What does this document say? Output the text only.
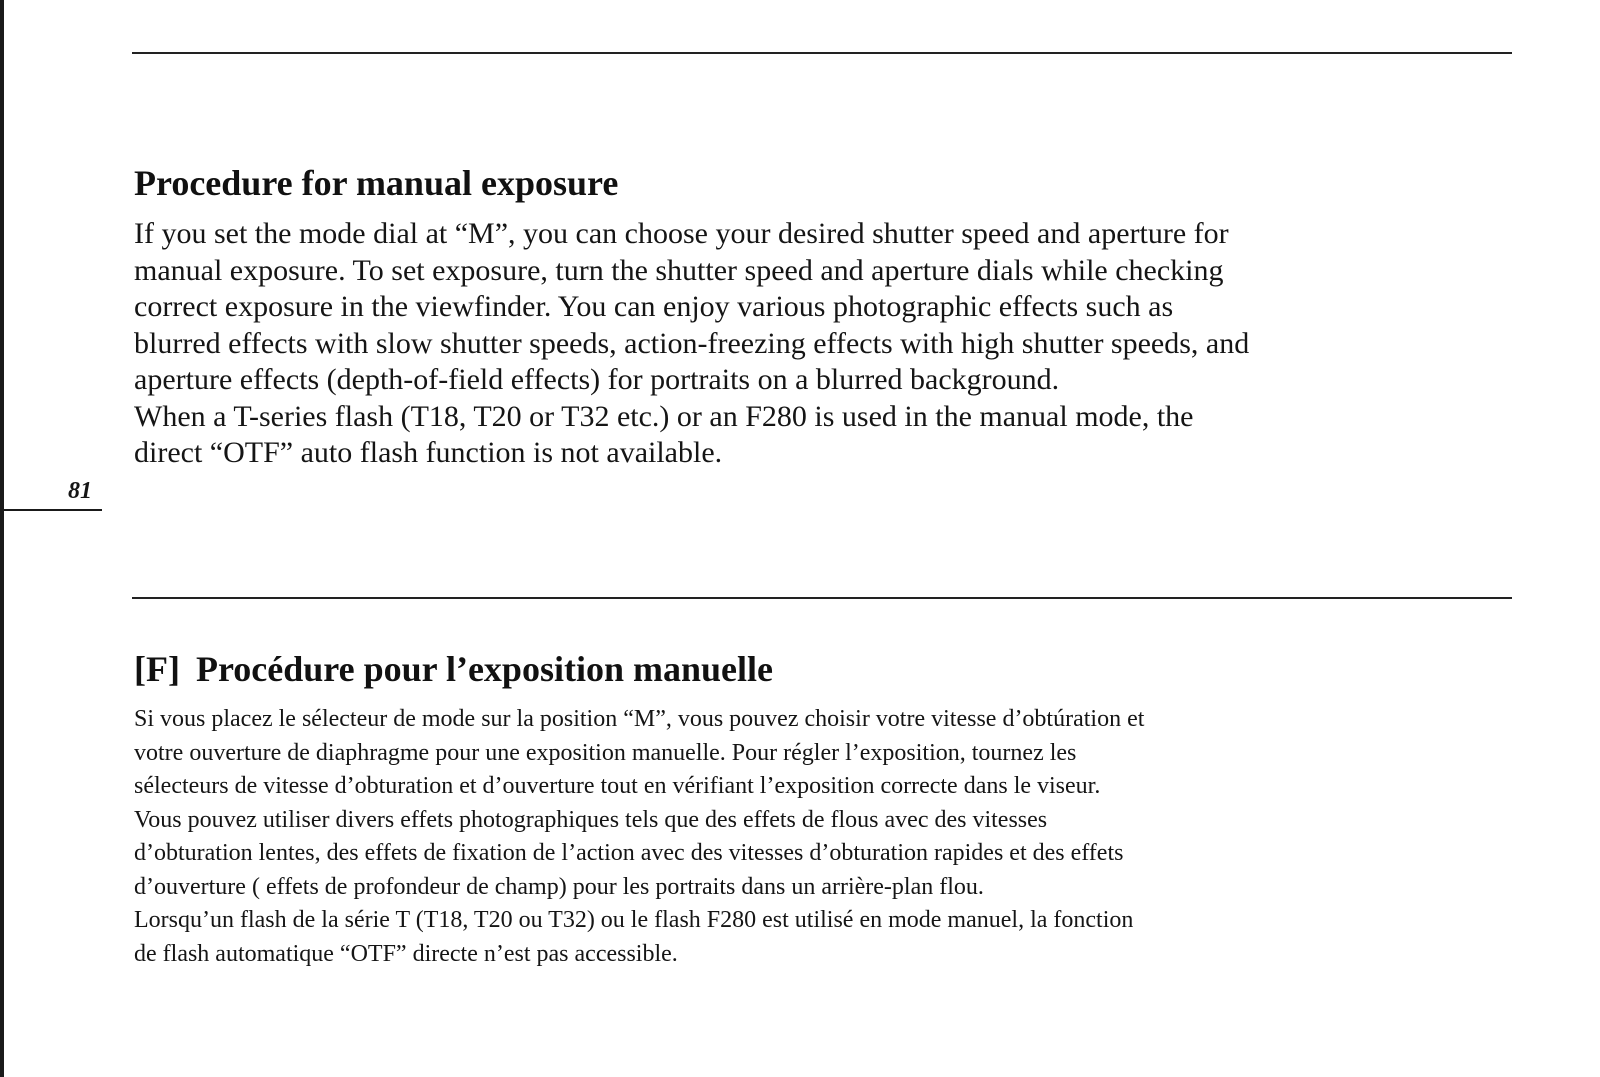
81
Procedure for manual exposure

If you set the mode dial at “M”, you can choose your desired shutter speed and aperture for
manual exposure. To set exposure, turn the shutter speed and aperture dials while checking
correct exposure in the viewfinder. You can enjoy various photographic effects such as
blurred effects with slow shutter speeds, action-freezing effects with high shutter speeds, and
aperture effects (depth-of-field effects) for portraits on a blurred background.
When a T-series flash (T18, T20 or T32 etc.) or an F280 is used in the manual mode, the
direct “OTF” auto flash function is not available.

[F] Procédure pour l’exposition manuelle

Si vous placez le sélecteur de mode sur la position “M”, vous pouvez choisir votre vitesse d’obtúration et
votre ouverture de diaphragme pour une exposition manuelle. Pour régler l’exposition, tournez les
sélecteurs de vitesse d’obturation et d’ouverture tout en vérifiant l’exposition correcte dans le viseur.
Vous pouvez utiliser divers effets photographiques tels que des effets de flous avec des vitesses
d’obturation lentes, des effets de fixation de l’action avec des vitesses d’obturation rapides et des effets
d’ouverture ( effets de profondeur de champ) pour les portraits dans un arrière-plan flou.
Lorsqu’un flash de la série T (T18, T20 ou T32) ou le flash F280 est utilisé en mode manuel, la fonction
de flash automatique “OTF” directe n’est pas accessible.
